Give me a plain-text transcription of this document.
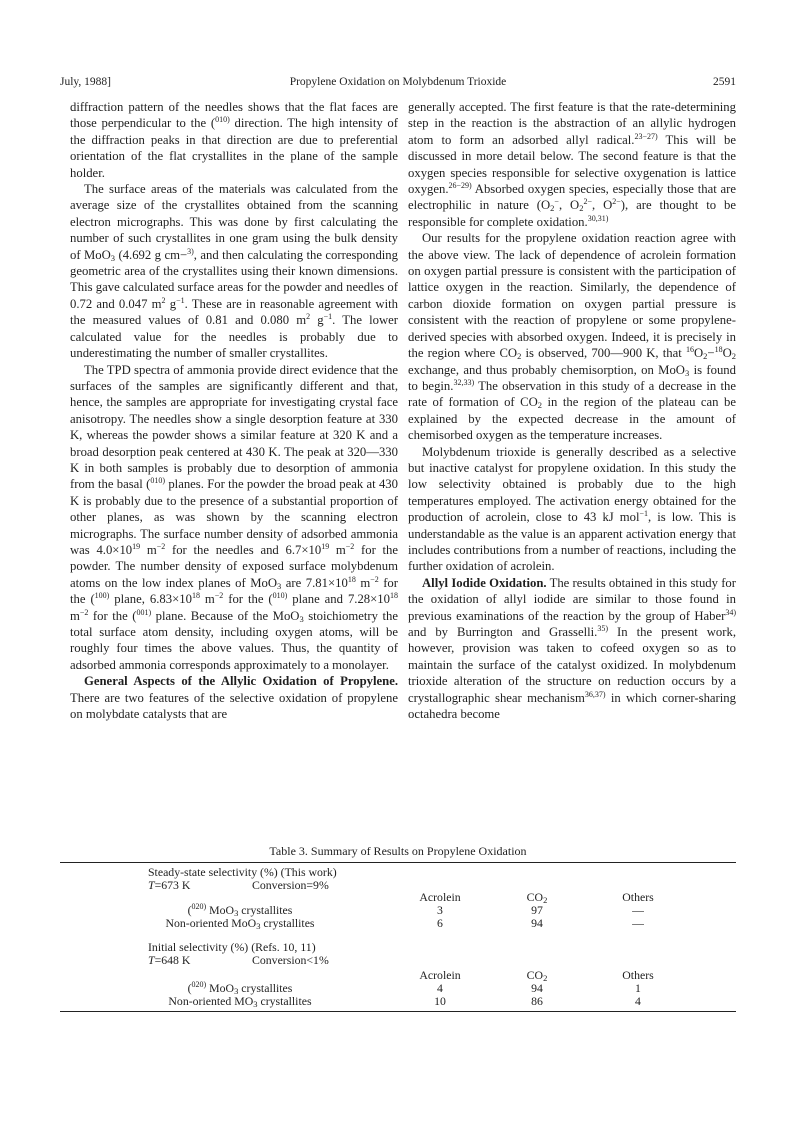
July, 1988]	Propylene Oxidation on Molybdenum Trioxide	2591

diffraction pattern of the needles shows that the flat faces are those perpendicular to the ($^{010)}$ direction. The high intensity of the diffraction peaks in that direction are due to preferential orientation of the flat crystallites in the plane of the sample holder.

The surface areas of the materials was calculated from the average size of the crystallites obtained from the scanning electron micrographs. This was done by first calculating the number of such crystallites in one gram using the bulk density of MoO$_3$ (4.692 g cm−$^{3)}$, and then calculating the corresponding geometric area of the crystallites using their known dimensions. This gave calculated surface areas for the powder and needles of 0.72 and 0.047 $m^2$ $g^{-1}$. These are in reasonable agreement with the measured values of 0.81 and 0.080 $m^2$ $g^{-1}$. The lower calculated value for the needles is probably due to underestimating the number of smaller crystallites.

The TPD spectra of ammonia provide direct evidence that the surfaces of the samples are significantly different and that, hence, the samples are appropriate for investigating crystal face anisotropy. The needles show a single desorption feature at 330 K, whereas the powder shows a similar feature at 320 K and a broad desorption peak centered at 430 K. The peak at 320—330 K in both samples is probably due to desorption of ammonia from the basal ($^{010)}$ planes. For the powder the broad peak at 430 K is probably due to the presence of a substantial proportion of other planes, as was shown by the scanning electron micrographs. The surface number density of adsorbed ammonia was $4.0\times 10^{19}$ $m^{-2}$ for the needles and $6.7\times 10^{19}$ $m^{-2}$ for the powder. The number density of exposed surface molybdenum atoms on the low index planes of MoO$_3$ are $7.81\times 10^{18}$ $m^{-2}$ for the ($^{100)}$ plane, $6.83\times 10^{18}$ $m^{-2}$ for the ($^{010)}$ plane and $7.28\times 10^{18}$ $m^{-2}$ for the ($^{001)}$ plane. Because of the MoO$_3$ stoichiometry the total surface atom density, including oxygen atoms, will be roughly four times the above values. Thus, the quantity of adsorbed ammonia corresponds approximately to a monolayer.

General Aspects of the Allylic Oxidation of Propylene. There are two features of the selective oxidation of propylene on molybdate catalysts that are

generally accepted. The first feature is that the rate-determining step in the reaction is the abstraction of an allylic hydrogen atom to form an adsorbed allyl radical.$^{23-27)}$ This will be discussed in more detail below. The second feature is that the oxygen species responsible for selective oxygenation is lattice oxygen.$^{26-29)}$ Absorbed oxygen species, especially those that are electrophilic in nature ($O_2^-$, $O_2^{2-}$, $O^{2-}$), are thought to be responsible for complete oxidation.$^{30,31)}$

Our results for the propylene oxidation reaction agree with the above view. The lack of dependence of acrolein formation on oxygen partial pressure is consistent with the participation of lattice oxygen in the reaction. Similarly, the dependence of carbon dioxide formation on oxygen partial pressure is consistent with the reaction of propylene or some propylene-derived species with absorbed oxygen. Indeed, it is precisely in the region where $CO_2$ is observed, 700—900 K, that $^{16}O_2-^{18}O_2$ exchange, and thus probably chemisorption, on MoO$_3$ is found to begin.$^{32,33)}$ The observation in this study of a decrease in the rate of formation of $CO_2$ in the region of the plateau can be explained by the expected decrease in the amount of chemisorbed oxygen as the temperature increases.

Molybdenum trioxide is generally described as a selective but inactive catalyst for propylene oxidation. In this study the low selectivity obtained is probably due to the high temperatures employed. The activation energy obtained for the production of acrolein, close to 43 kJ mol$^{-1}$, is low. This is understandable as the value is an apparent activation energy that includes contributions from a number of reactions, including the further oxidation of acrolein.

Allyl Iodide Oxidation. The results obtained in this study for the oxidation of allyl iodide are similar to those found in previous examinations of the reaction by the group of Haber$^{34)}$ and by Burrington and Grasselli.$^{35)}$ In the present work, however, provision was taken to cofeed oxygen so as to maintain the surface of the catalyst oxidized. In molybdenum trioxide alteration of the structure on reduction occurs by a crystallographic shear mechanism$^{36,37)}$ in which corner-sharing octahedra become

Table 3. Summary of Results on Propylene Oxidation
Steady-state selectivity (%) (This work)
T=673 K	Conversion=9%
Acrolein	$CO_2$	Others
($^{020)}$ MoO$_3$ crystallites	3	97	—
Non-oriented MoO$_3$ crystallites	6	94	—
Initial selectivity (%) (Refs. 10, 11)
T=648 K	Conversion<1%
Acrolein	$CO_2$	Others
($^{020)}$ MoO$_3$ crystallites	4	94	1
Non-oriented $MO_3$ crystallites	10	86	4
